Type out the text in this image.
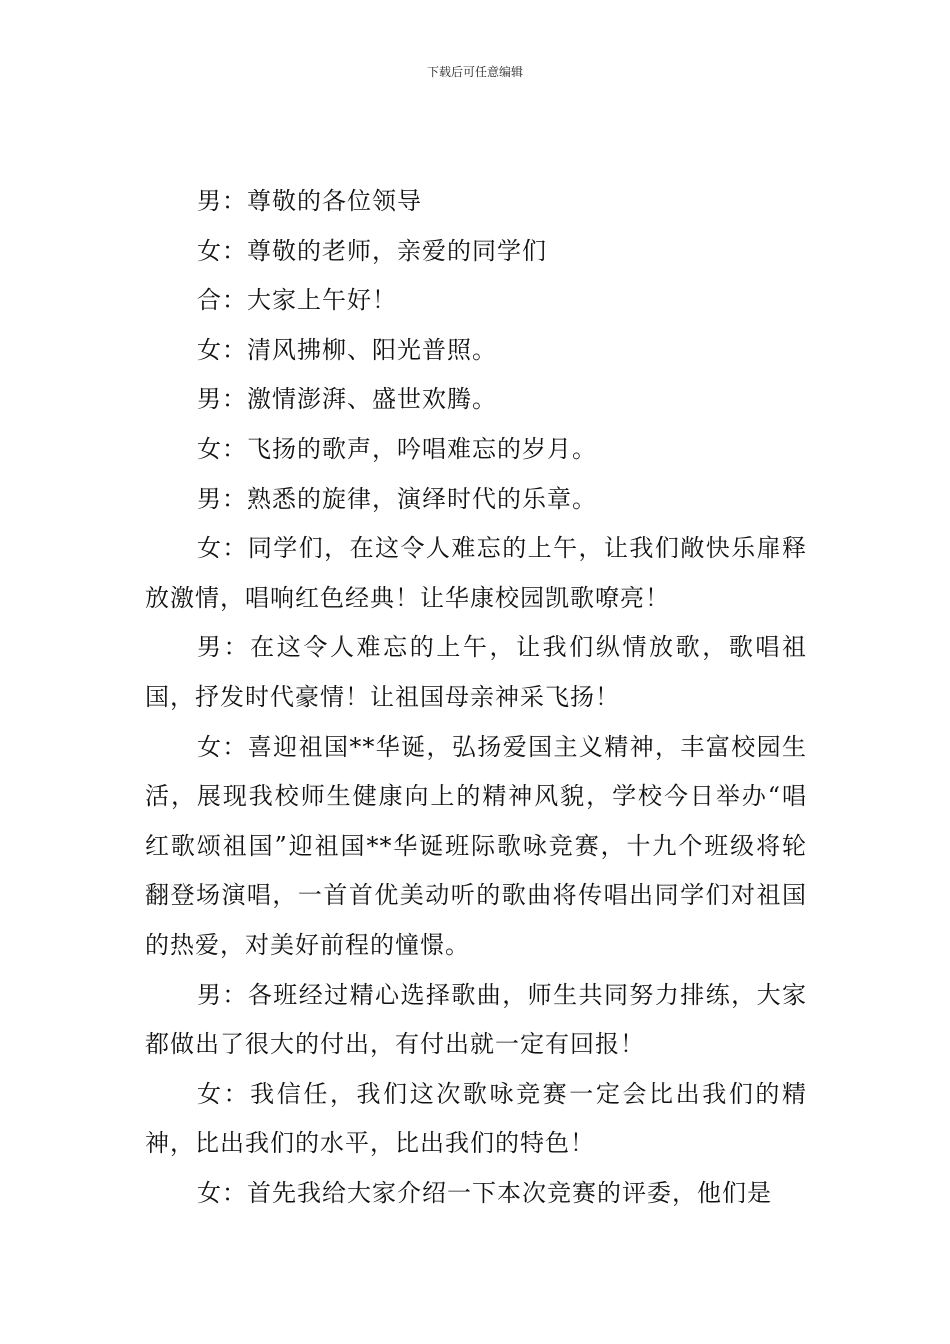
下载后可任意编辑

男：尊敬的各位领导

女：尊敬的老师，亲爱的同学们

合：大家上午好！

女：清风拂柳、阳光普照。

男：激情澎湃、盛世欢腾。

女：飞扬的歌声，吟唱难忘的岁月。

男：熟悉的旋律，演绎时代的乐章。

女：同学们，在这令人难忘的上午，让我们敞快乐扉释放激情，唱响红色经典！让华康校园凯歌嘹亮！

男：在这令人难忘的上午，让我们纵情放歌，歌唱祖国，抒发时代豪情！让祖国母亲神采飞扬！

女：喜迎祖国**华诞，弘扬爱国主义精神，丰富校园生活，展现我校师生健康向上的精神风貌，学校今日举办“唱红歌颂祖国”迎祖国**华诞班际歌咏竞赛，十九个班级将轮翻登场演唱，一首首优美动听的歌曲将传唱出同学们对祖国的热爱，对美好前程的憧憬。

男：各班经过精心选择歌曲，师生共同努力排练，大家都做出了很大的付出，有付出就一定有回报！

女：我信任，我们这次歌咏竞赛一定会比出我们的精神，比出我们的水平，比出我们的特色！

女：首先我给大家介绍一下本次竞赛的评委，他们是
